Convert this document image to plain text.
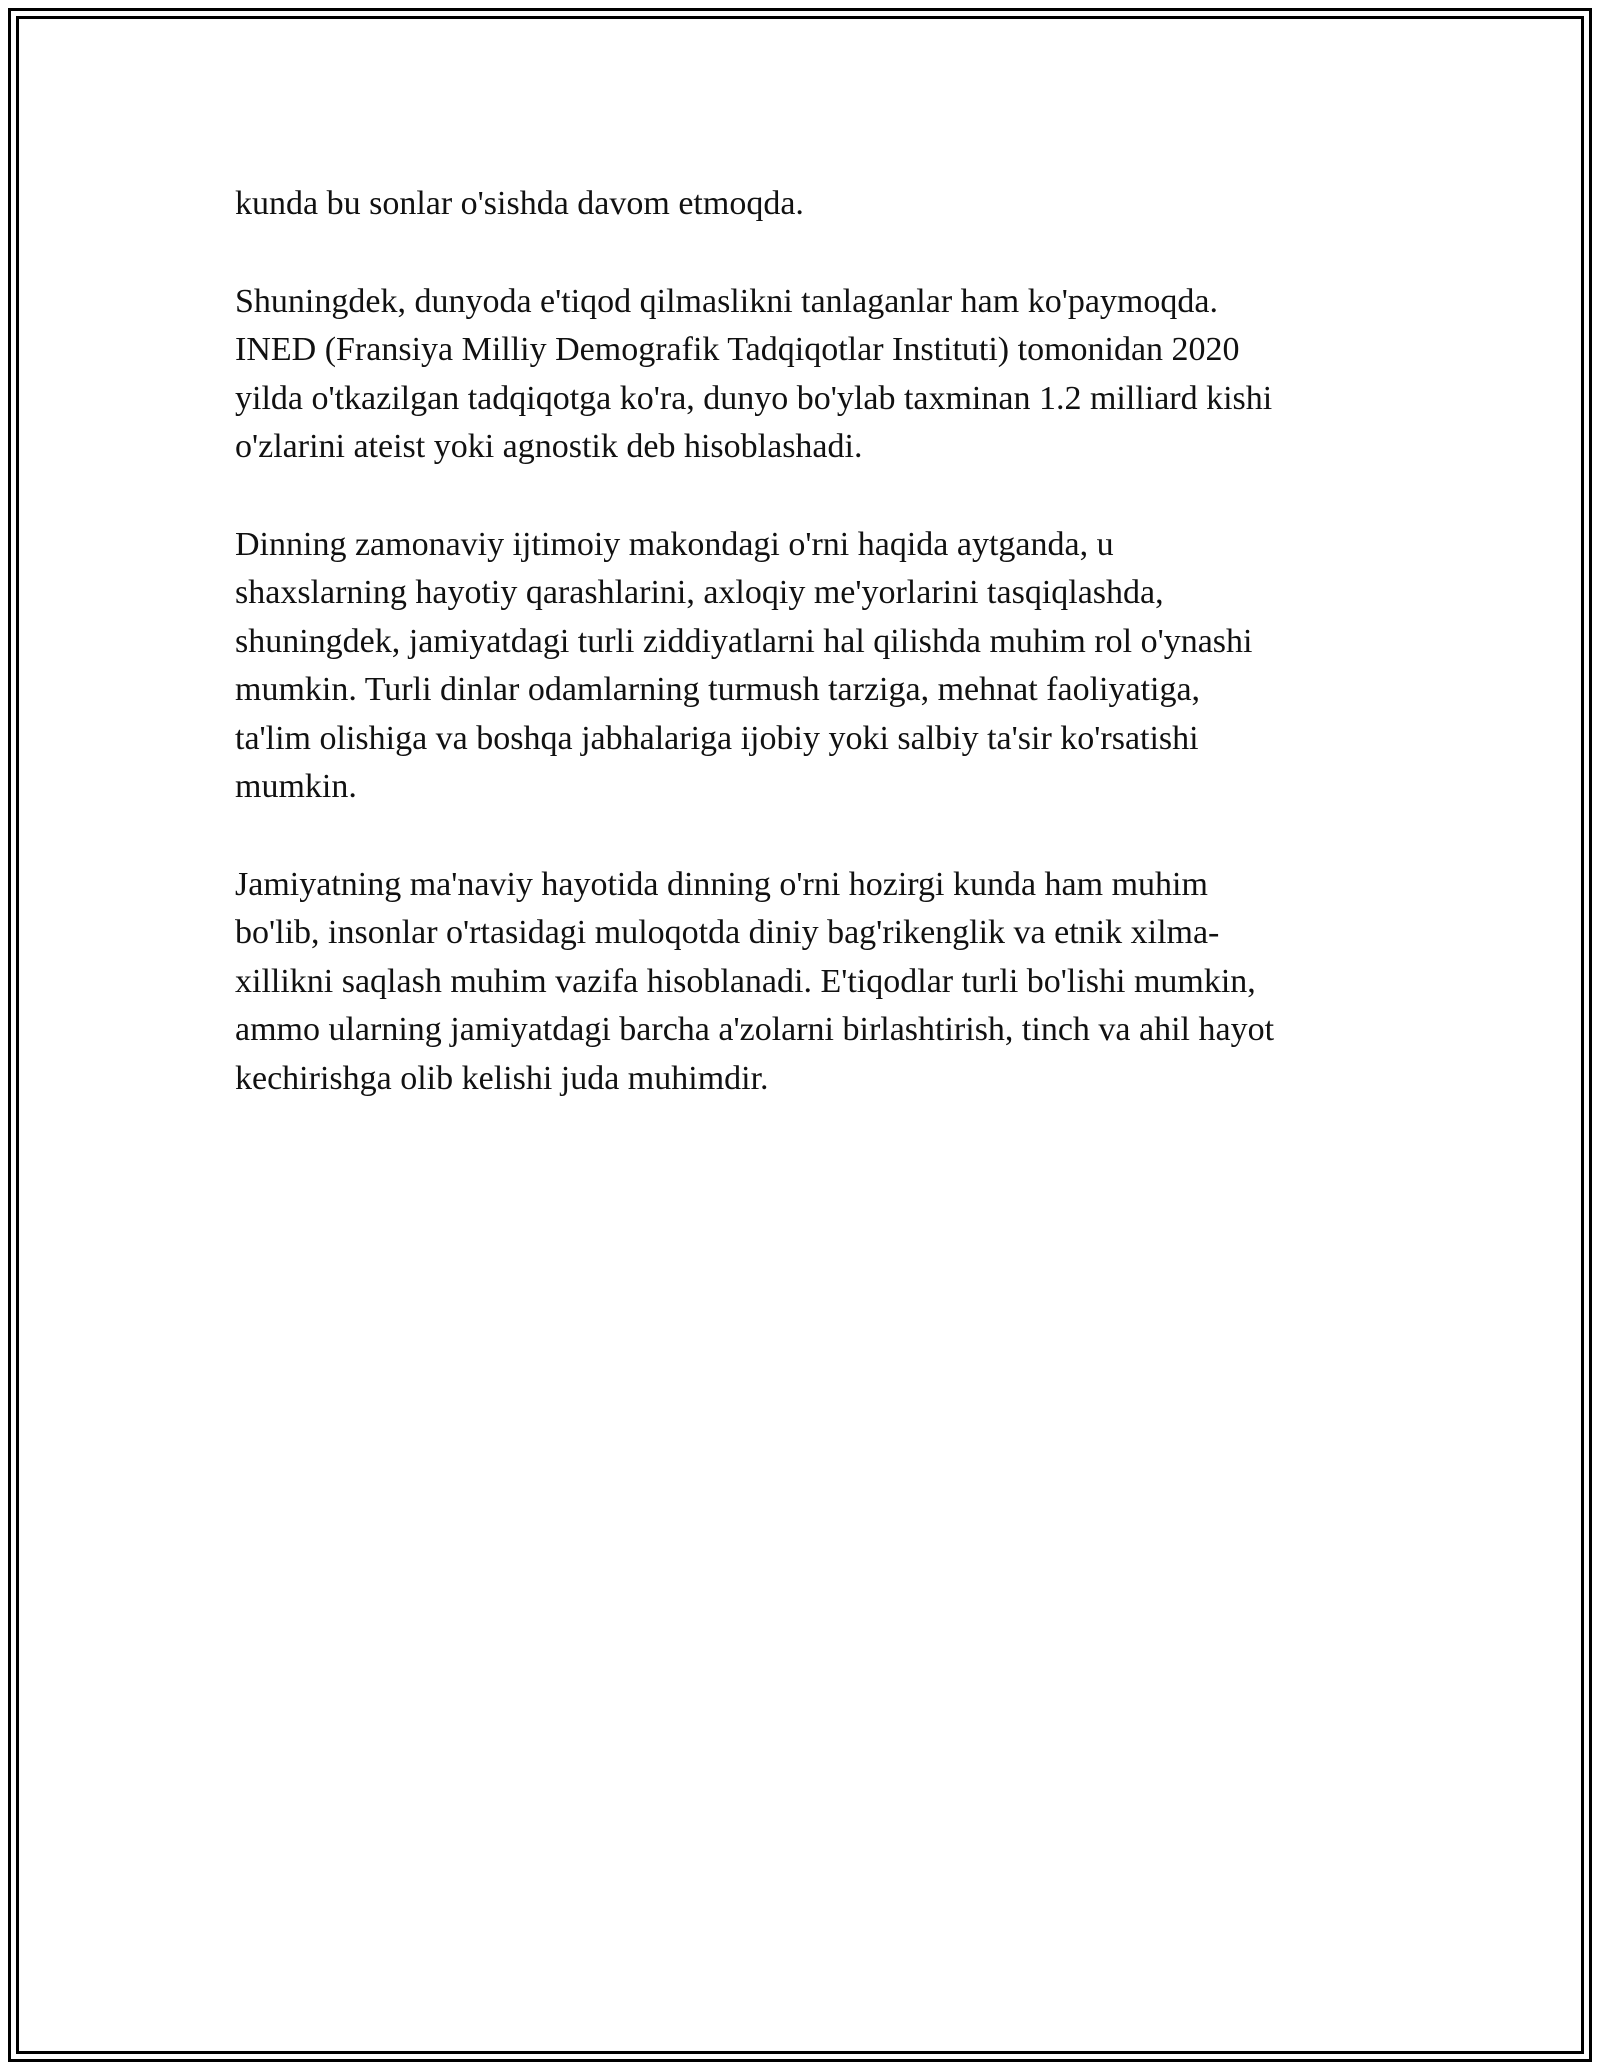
kunda bu sonlar o'sishda davom etmoqda.

Shuningdek, dunyoda e'tiqod qilmaslikni tanlaganlar ham ko'paymoqda.
INED (Fransiya Milliy Demografik Tadqiqotlar Instituti) tomonidan 2020
yilda o'tkazilgan tadqiqotga ko'ra, dunyo bo'ylab taxminan 1.2 milliard kishi
o'zlarini ateist yoki agnostik deb hisoblashadi.

Dinning zamonaviy ijtimoiy makondagi o'rni haqida aytganda, u
shaxslarning hayotiy qarashlarini, axloqiy me'yorlarini tasqiqlashda,
shuningdek, jamiyatdagi turli ziddiyatlarni hal qilishda muhim rol o'ynashi
mumkin. Turli dinlar odamlarning turmush tarziga, mehnat faoliyatiga,
ta'lim olishiga va boshqa jabhalariga ijobiy yoki salbiy ta'sir ko'rsatishi
mumkin.

Jamiyatning ma'naviy hayotida dinning o'rni hozirgi kunda ham muhim
bo'lib, insonlar o'rtasidagi muloqotda diniy bag'rikenglik va etnik xilma-
xillikni saqlash muhim vazifa hisoblanadi. E'tiqodlar turli bo'lishi mumkin,
ammo ularning jamiyatdagi barcha a'zolarni birlashtirish, tinch va ahil hayot
kechirishga olib kelishi juda muhimdir.
